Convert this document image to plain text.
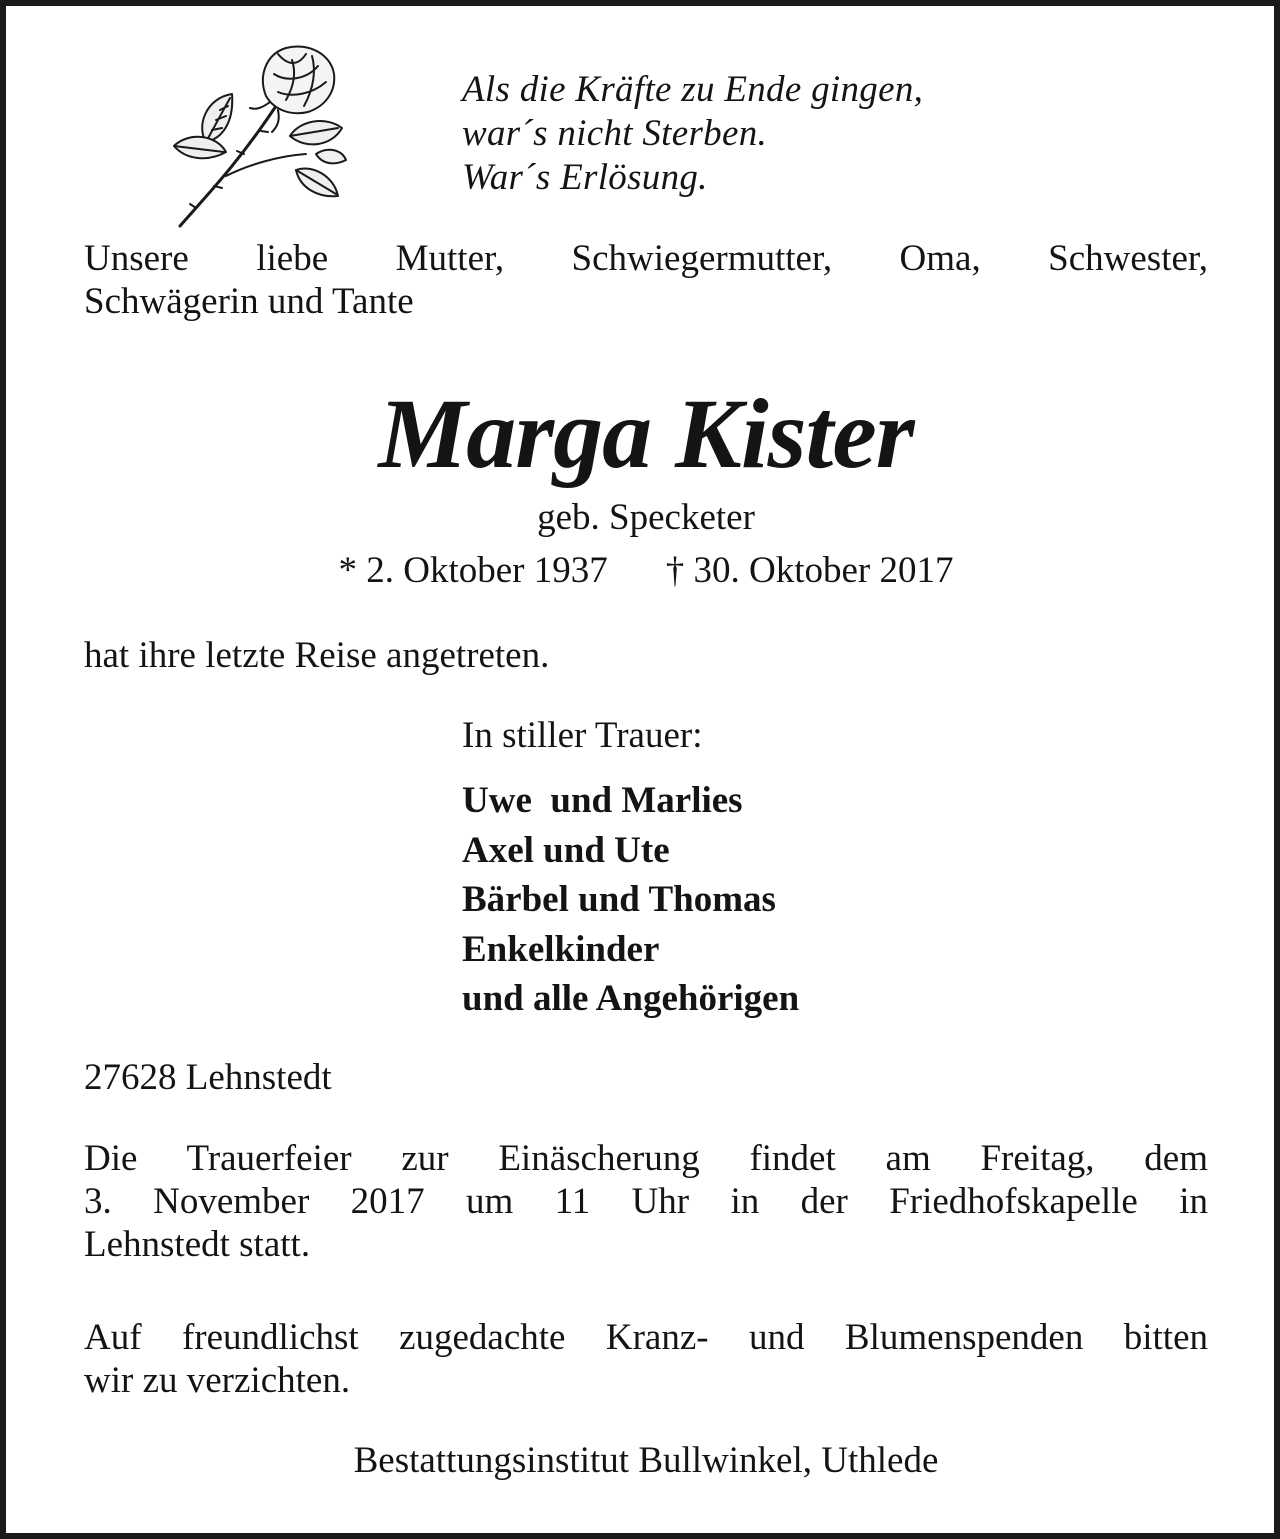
Als die Kräfte zu Ende gingen,
war´s nicht Sterben.
War´s Erlösung.
Unsere liebe Mutter, Schwiegermutter, Oma, Schwester,
Schwägerin und Tante
Marga Kister
geb. Specketer
* 2. Oktober 1937 † 30. Oktober 2017
hat ihre letzte Reise angetreten.
In stiller Trauer:
Uwe  und Marlies
Axel und Ute
Bärbel und Thomas
Enkelkinder
und alle Angehörigen
27628 Lehnstedt
Die Trauerfeier zur Einäscherung findet am Freitag, dem
3. November 2017 um 11 Uhr in der Friedhofskapelle in
Lehnstedt statt.
Auf freundlichst zugedachte Kranz- und Blumenspenden bitten
wir zu verzichten.
Bestattungsinstitut Bullwinkel, Uthlede
